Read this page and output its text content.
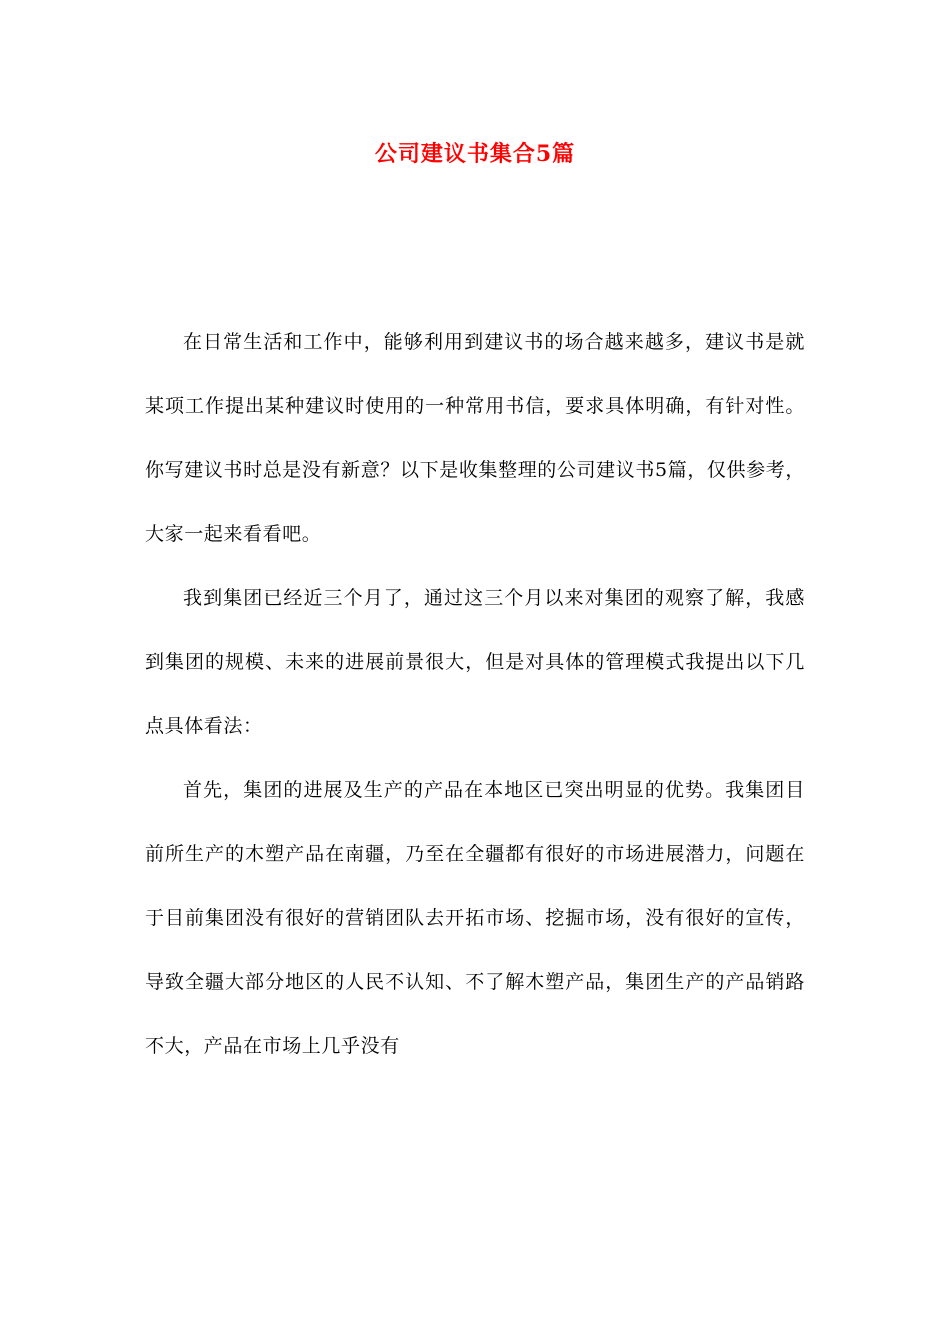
公司建议书集合5篇

在日常生活和工作中，能够利用到建议书的场合越来越多，建议书是就某项工作提出某种建议时使用的一种常用书信，要求具体明确，有针对性。你写建议书时总是没有新意？以下是收集整理的公司建议书5篇，仅供参考，大家一起来看看吧。

我到集团已经近三个月了，通过这三个月以来对集团的观察了解，我感到集团的规模、未来的进展前景很大，但是对具体的管理模式我提出以下几点具体看法：

首先，集团的进展及生产的产品在本地区已突出明显的优势。我集团目前所生产的木塑产品在南疆，乃至在全疆都有很好的市场进展潜力，问题在于目前集团没有很好的营销团队去开拓市场、挖掘市场，没有很好的宣传，导致全疆大部分地区的人民不认知、不了解木塑产品，集团生产的产品销路不大，产品在市场上几乎没有
